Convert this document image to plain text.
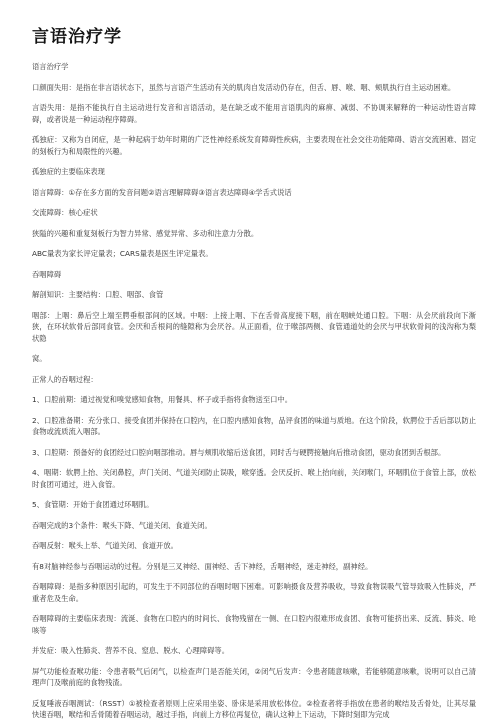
言语治疗学

语言治疗学

口颜面失用：是指在非言语状态下，虽然与言语产生活动有关的肌肉自发活动仍存在，但舌、唇、喉、咽、颊肌执行自主运动困难。

言语失用：是指不能执行自主运动进行发音和言语活动，是在缺乏或不能用言语肌肉的麻痹、减弱、不协调来解释的一种运动性语言障碍，或者说是一种运动程序障碍。

孤独症：又称为自闭症，是一种起病于幼年时期的广泛性神经系统发育障碍性疾病，主要表现在社会交往功能障碍、语言交流困难、固定的刻板行为和局限性的兴趣。

孤独症的主要临床表现

语言障碍：①存在多方面的发音问题②语言理解障碍③语言表达障碍④学舌式说话

交流障碍：核心症状

狭隘的兴趣和重复刻板行为智力异常、感觉异常、多动和注意力分散。

ABC量表为家长评定量表；CARS量表是医生评定量表。

吞咽障碍

解剖知识：主要结构：口腔、咽部、食管

咽部：上咽：鼻后空上端至腭垂根部间的区域。中咽：上接上咽、下在舌骨高度接下咽，前在咽峡处通口腔。下咽：从会厌前段向下渐狭，在环状软骨后部同食管。会厌和舌根间的缝隙称为会厌谷。从正面看，位于喉部两侧、食管通道处的会厌与甲状软骨间的浅沟称为梨状隐

窝。

正常人的吞咽过程：

1、口腔前期：通过视觉和嗅觉感知食物，用餐具、杯子或手指将食物送至口中。

2、口腔准备期：充分张口、接受食团并保持在口腔内，在口腔内感知食物，品评食团的味道与质地。在这个阶段，软腭位于舌后部以防止食物或流质流入咽部。

3、口腔期：预备好的食团经过口腔向咽部推动。唇与颊肌收缩后送食团，同时舌与硬腭接触向后推动食团，驱动食团到舌根部。

4、咽期：软腭上抬、关闭鼻腔，声门关闭、气道关闭防止误吸，喉穿透。会厌反折、喉上抬向前，关闭喉门，环咽肌位于食管上部，放松时食团可通过，进入食管。

5、食管期：开始于食团通过环咽肌。

吞咽完成的3个条件：喉头下降、气道关闭、食道关闭。

吞咽反射：喉头上举、气道关闭、食道开放。

有8对脑神经参与吞咽运动的过程。分别是三叉神经、面神经、舌下神经，舌咽神经，迷走神经，副神经。

吞咽障碍：是指多种原因引起的，可发生于不同部位的吞咽时咽下困难。可影响摄食及营养吸收，导致食物误吸气管导致吸入性肺炎，严重者危及生命。

吞咽障碍的主要临床表现：流涎、食物在口腔内的时间长、食物残留在一侧、在口腔内很难形成食团、食物可能挤出来、反流、肺炎、呛咳等

并发症：吸入性肺炎、营养不良、窒息、脱水、心理障碍等。

屏气功能检查喉功能：令患者吸气后闭气，以检查声门是否能关闭，②闭气后发声：令患者随意咳嗽，若能够随意咳嗽，说明可以自己清理声门及喉前庭的食物残渣。

反复唾液吞咽测试：（RSST）①被检查者原则上应采用坐姿、卧床是采用放松体位。②检查者将手指放在患者的喉结及舌骨处，让其尽量快速吞咽，喉结和舌骨随着吞咽运动，越过手指，向前上方移位再复位，确认这种上下运动，下降时刻即为完成
